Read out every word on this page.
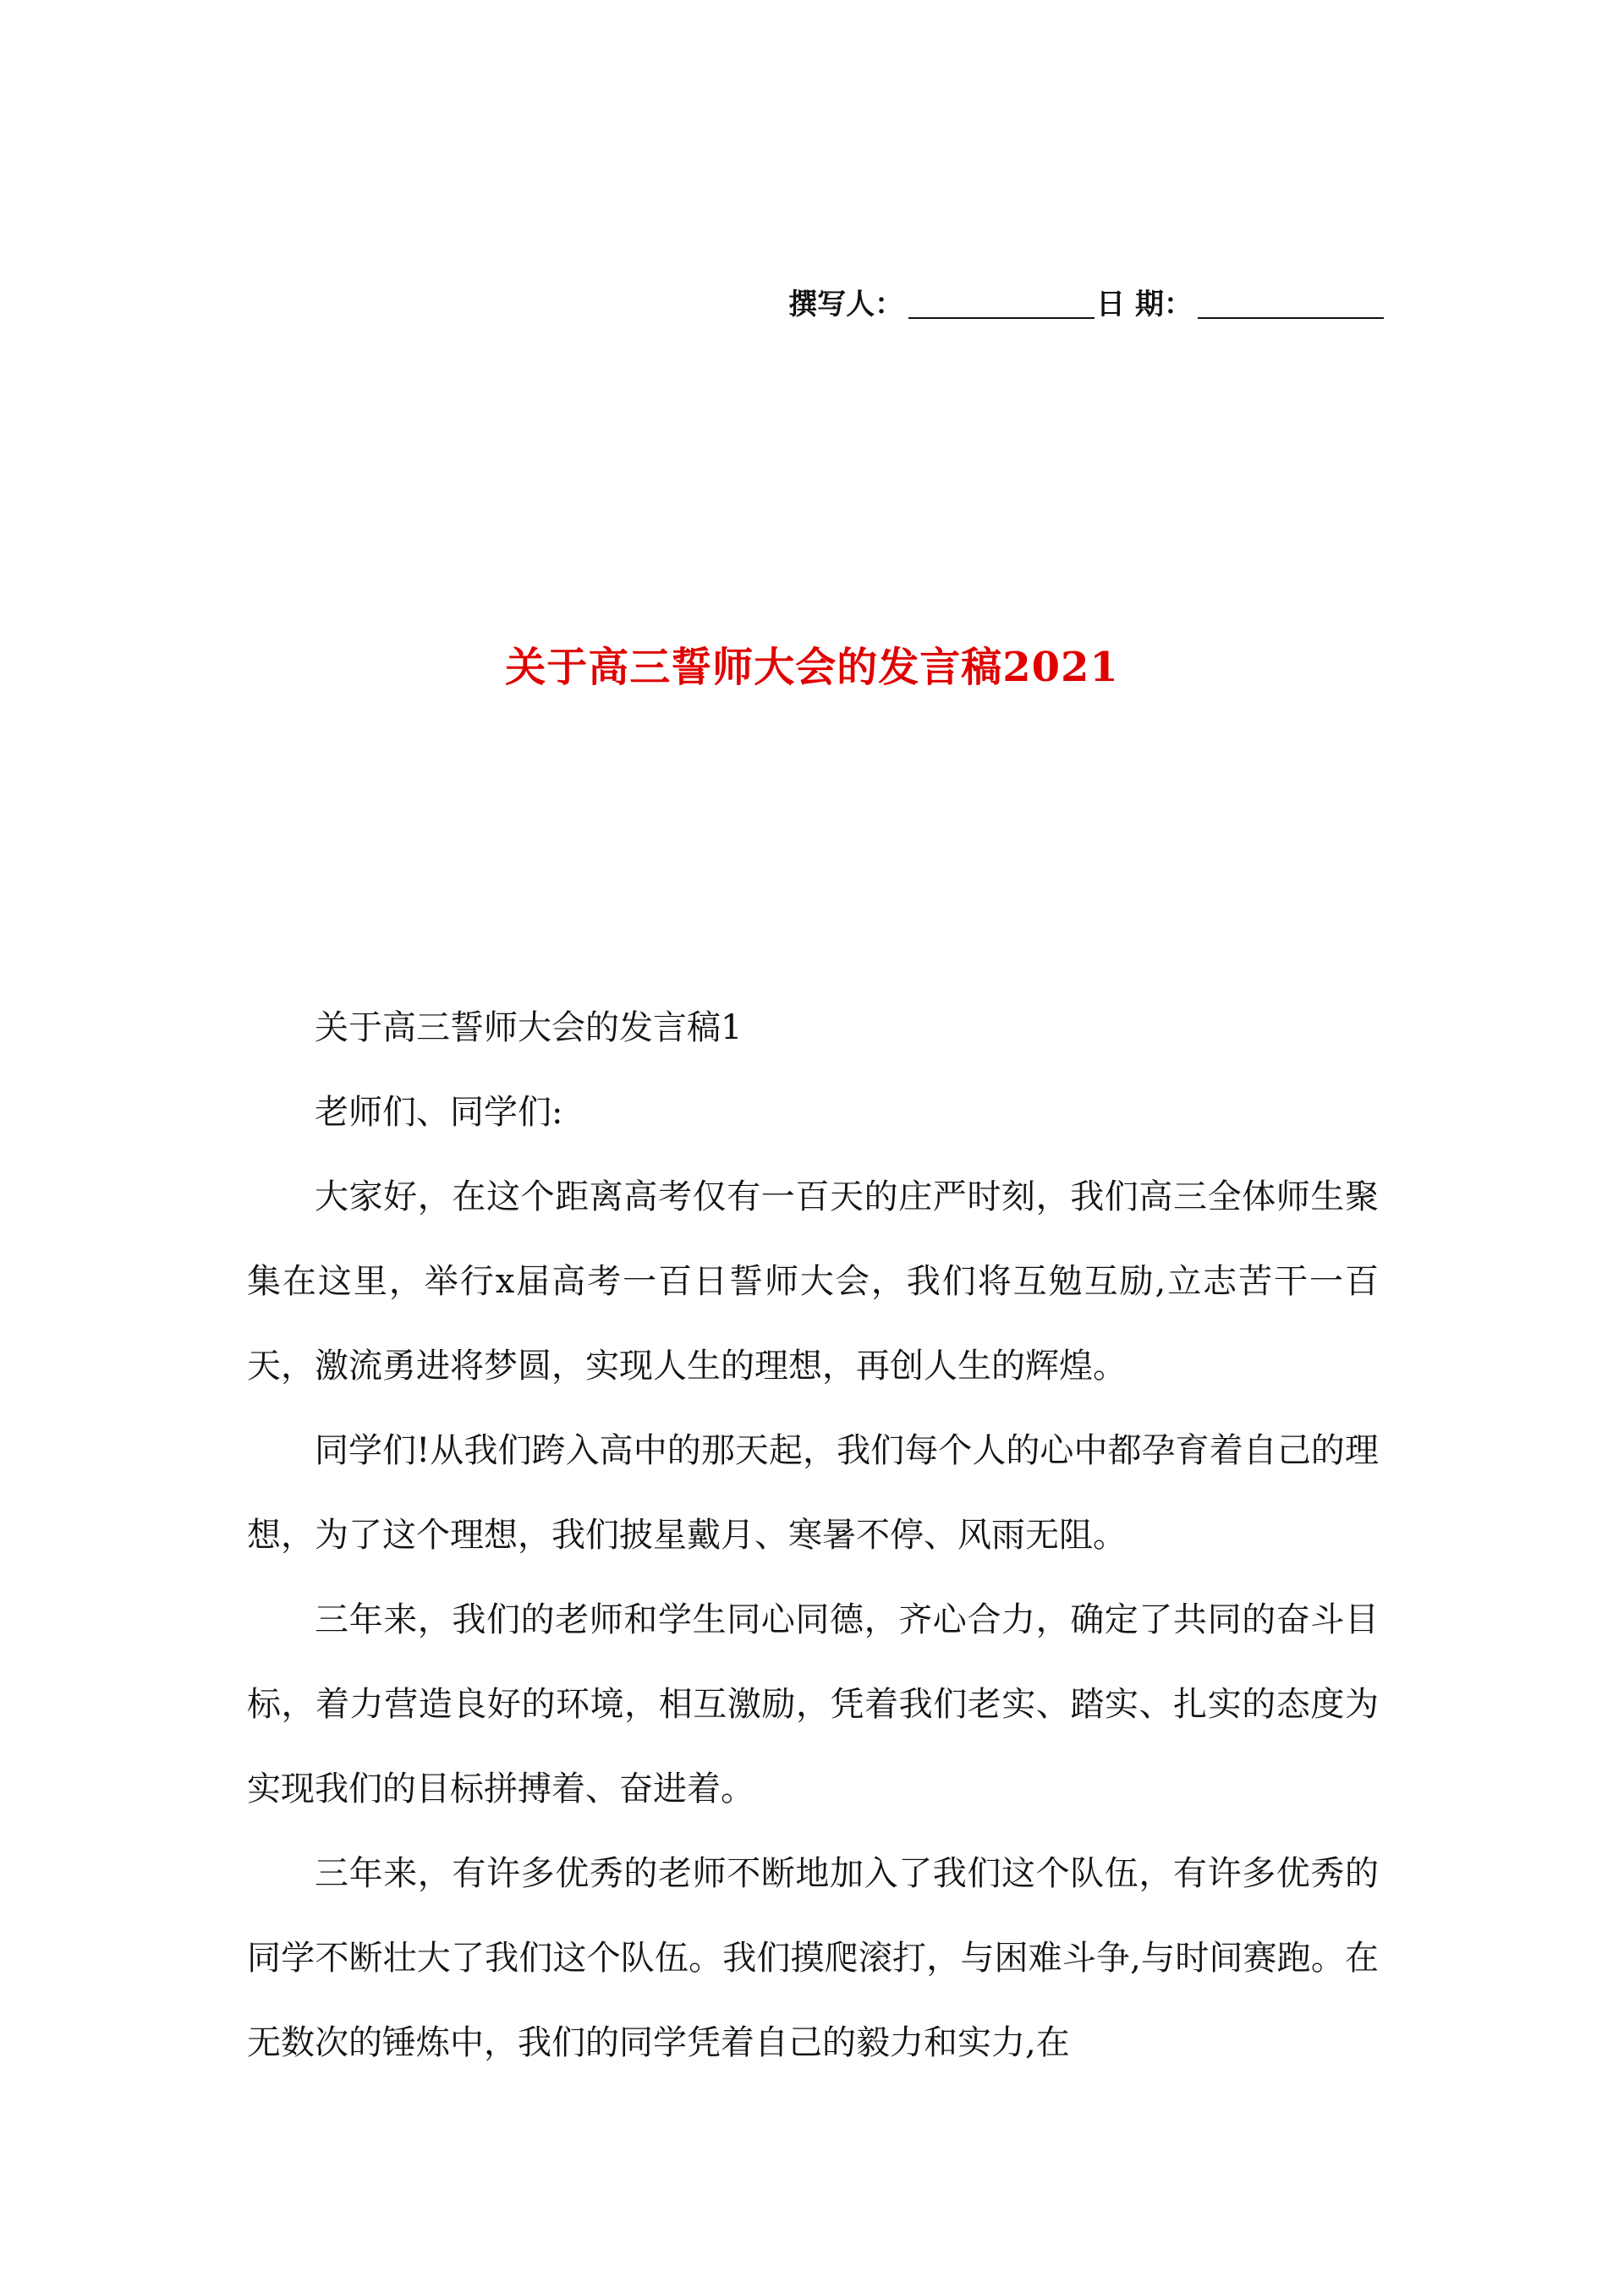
撰写人：	日 期：
关于高三誓师大会的发言稿2021

关于高三誓师大会的发言稿1

老师们、同学们:

大家好，在这个距离高考仅有一百天的庄严时刻，我们高三全体师生聚集在这里，举行x届高考一百日誓师大会，我们将互勉互励,立志苦干一百天，激流勇进将梦圆，实现人生的理想，再创人生的辉煌。

同学们!从我们跨入高中的那天起，我们每个人的心中都孕育着自己的理想，为了这个理想，我们披星戴月、寒暑不停、风雨无阻。

三年来，我们的老师和学生同心同德，齐心合力，确定了共同的奋斗目标，着力营造良好的环境，相互激励，凭着我们老实、踏实、扎实的态度为实现我们的目标拼搏着、奋进着。

三年来，有许多优秀的老师不断地加入了我们这个队伍，有许多优秀的同学不断壮大了我们这个队伍。我们摸爬滚打，与困难斗争,与时间赛跑。在无数次的锤炼中，我们的同学凭着自己的毅力和实力,在
